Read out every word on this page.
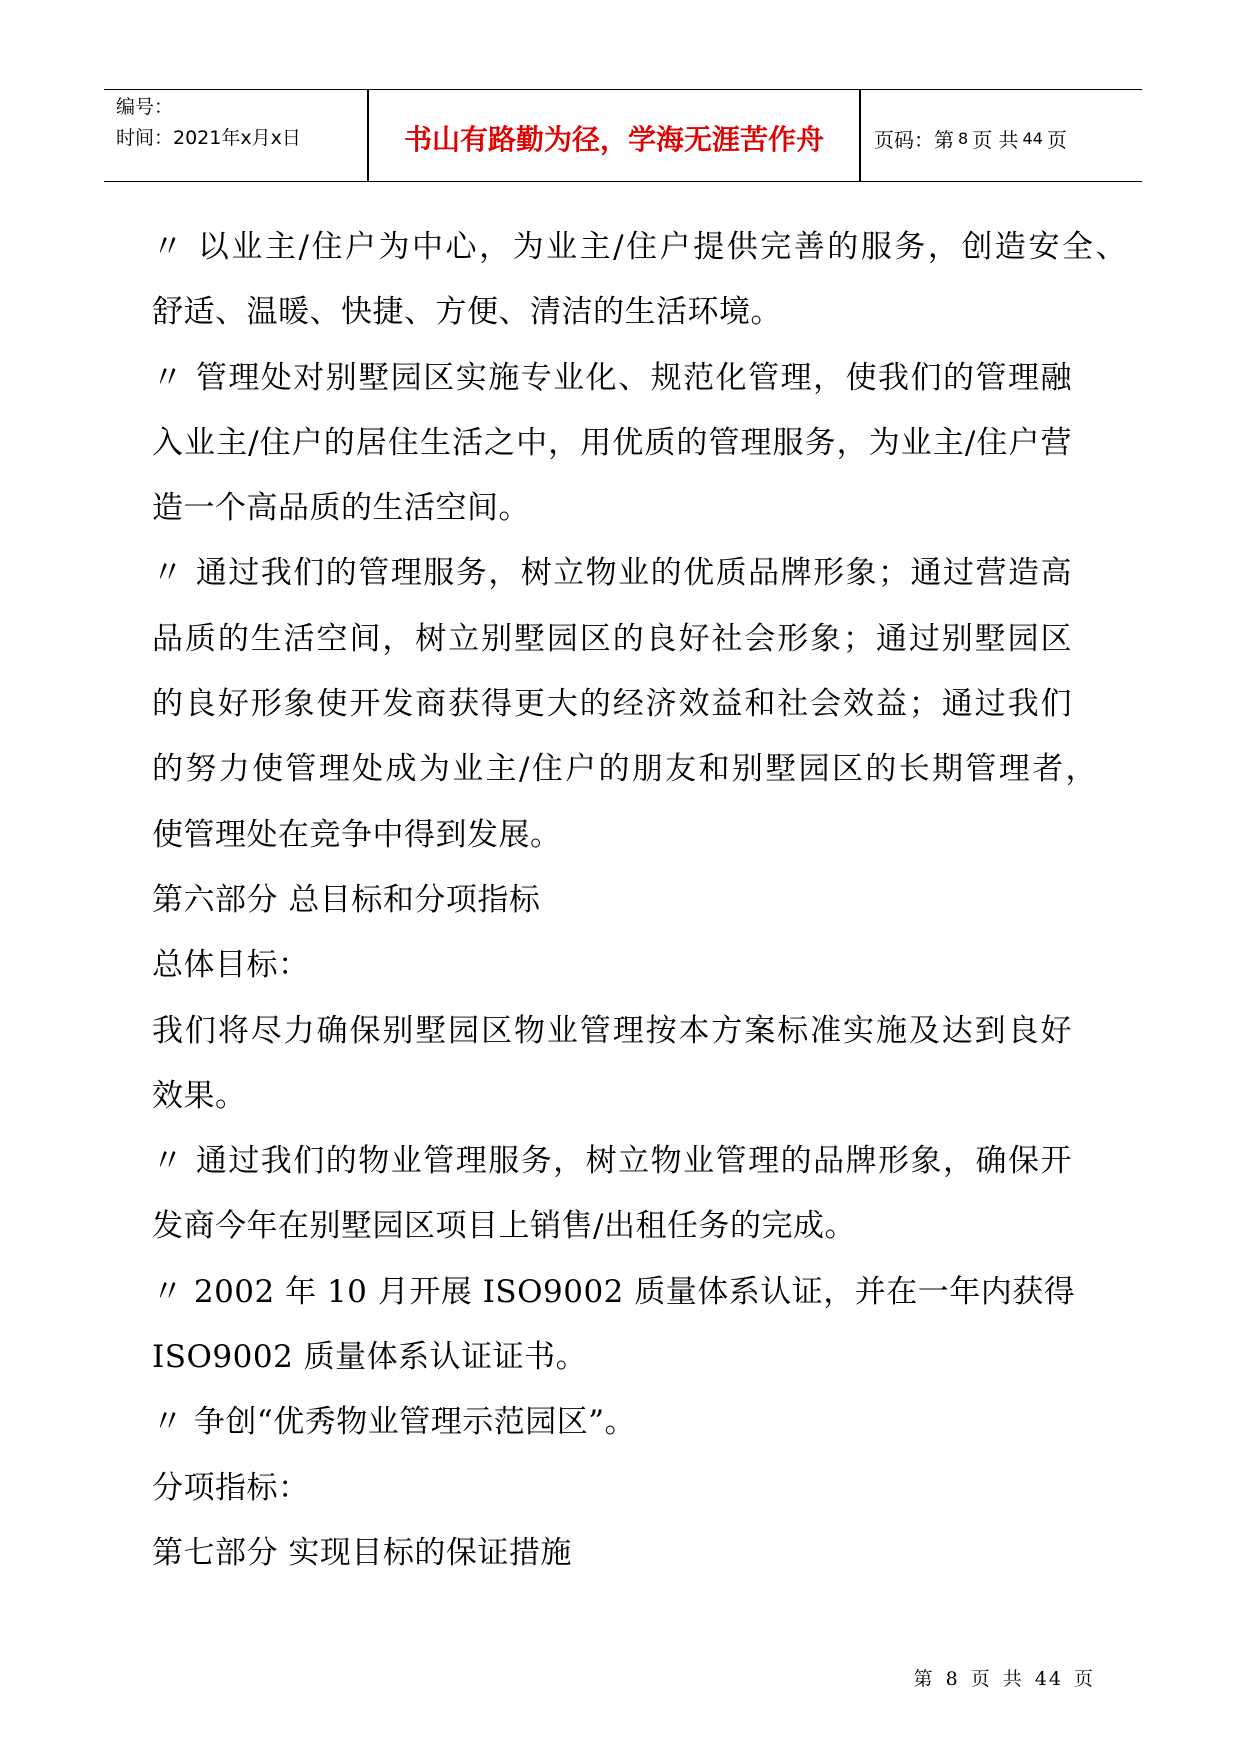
编号：
时间：2021年x月x日	书山有路勤为径，学海无涯苦作舟	页码：第 8 页 共 44 页
〃 以业主/住户为中心，为业主/住户提供完善的服务，创造安全、
舒适、温暖、快捷、方便、清洁的生活环境。
〃 管理处对别墅园区实施专业化、规范化管理，使我们的管理融
入业主/住户的居住生活之中，用优质的管理服务，为业主/住户营
造一个高品质的生活空间。
〃 通过我们的管理服务，树立物业的优质品牌形象；通过营造高
品质的生活空间，树立别墅园区的良好社会形象；通过别墅园区
的良好形象使开发商获得更大的经济效益和社会效益；通过我们
的努力使管理处成为业主/住户的朋友和别墅园区的长期管理者，
使管理处在竞争中得到发展。
第六部分 总目标和分项指标
总体目标：
我们将尽力确保别墅园区物业管理按本方案标准实施及达到良好
效果。
〃 通过我们的物业管理服务，树立物业管理的品牌形象，确保开
发商今年在别墅园区项目上销售/出租任务的完成。
〃 2002 年 10 月开展 ISO9002 质量体系认证，并在一年内获得
ISO9002 质量体系认证证书。
〃 争创“优秀物业管理示范园区”。
分项指标：
第七部分 实现目标的保证措施
第 8 页 共 44 页
